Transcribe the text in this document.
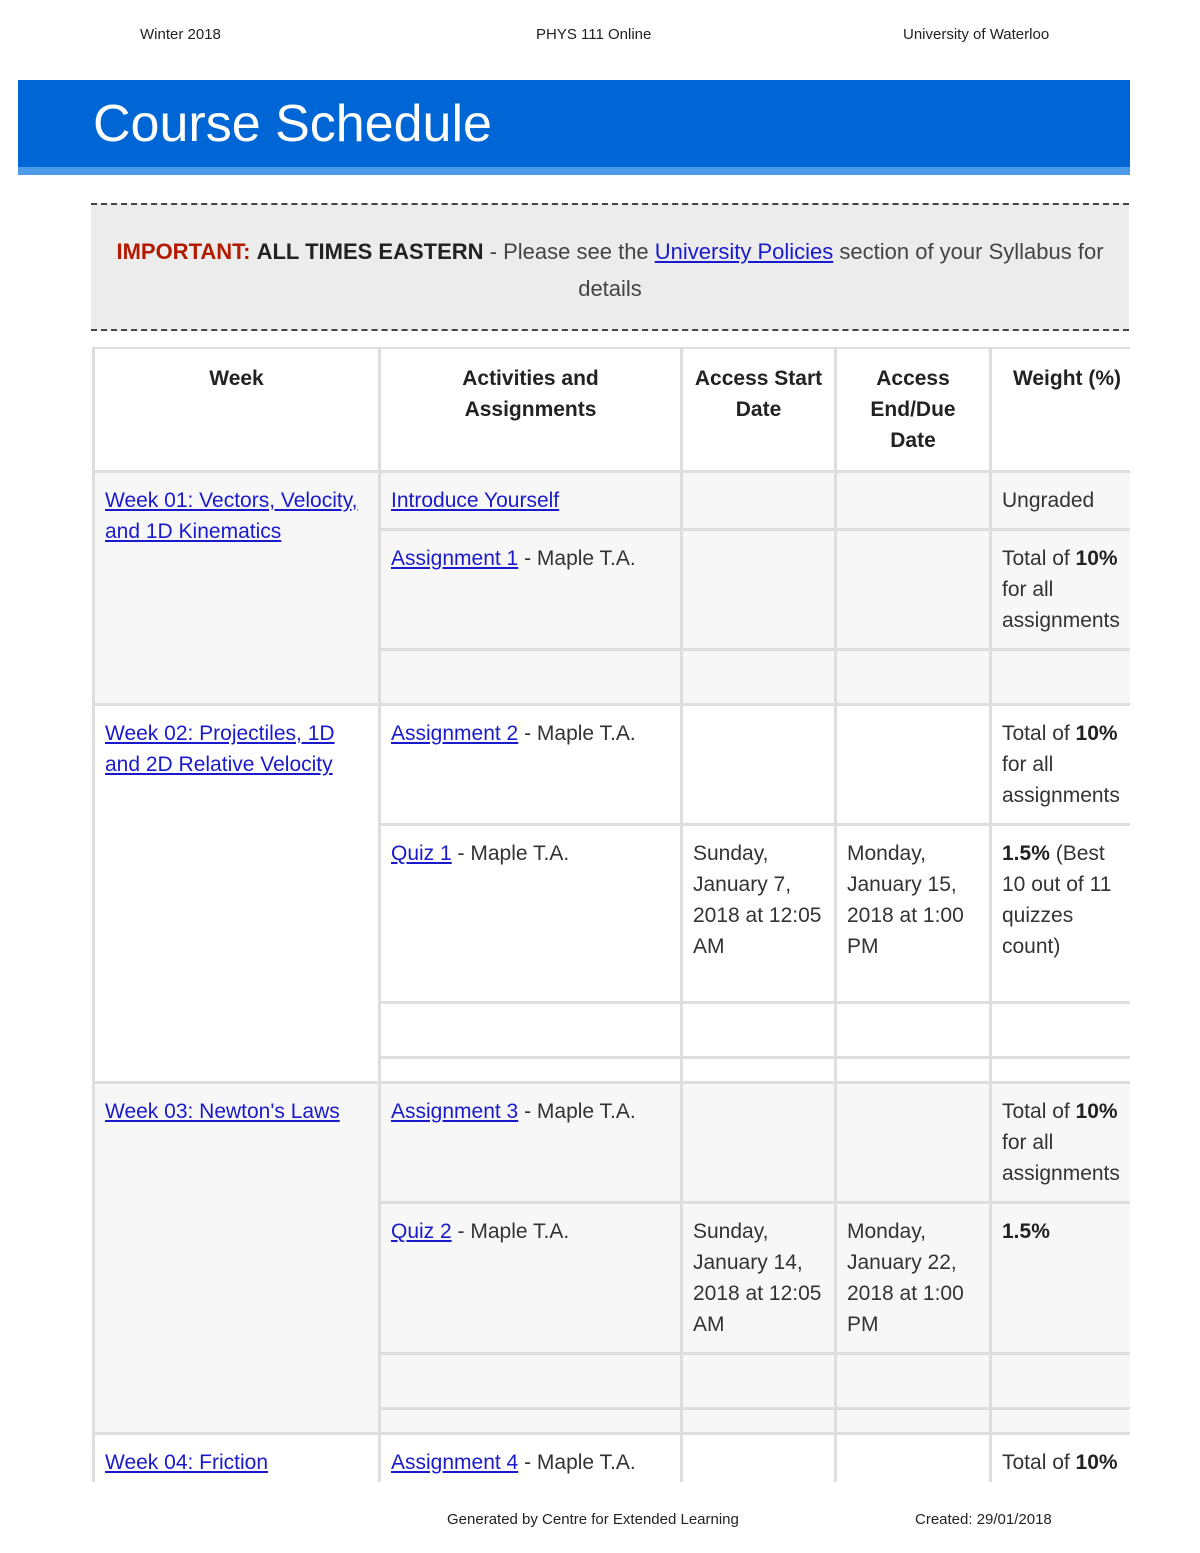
Winter 2018	PHYS 111 Online	University of Waterloo
Course Schedule
IMPORTANT: ALL TIMES EASTERN - Please see the University Policies section of your Syllabus for details
Week	Activities and Assignments	Access Start Date	Access End/Due Date	Weight (%)
Week 01: Vectors, Velocity, and 1D Kinematics	Introduce Yourself			Ungraded
	Assignment 1 - Maple T.A.			Total of 10% for all assignments

Week 02: Projectiles, 1D and 2D Relative Velocity	Assignment 2 - Maple T.A.			Total of 10% for all assignments
	Quiz 1 - Maple T.A.	Sunday, January 7, 2018 at 12:05 AM	Monday, January 15, 2018 at 1:00 PM	1.5% (Best 10 out of 11 quizzes count)

Week 03: Newton's Laws	Assignment 3 - Maple T.A.			Total of 10% for all assignments
	Quiz 2 - Maple T.A.	Sunday, January 14, 2018 at 12:05 AM	Monday, January 22, 2018 at 1:00 PM	1.5%

Week 04: Friction	Assignment 4 - Maple T.A.			Total of 10%
Generated by Centre for Extended Learning	Created: 29/01/2018
